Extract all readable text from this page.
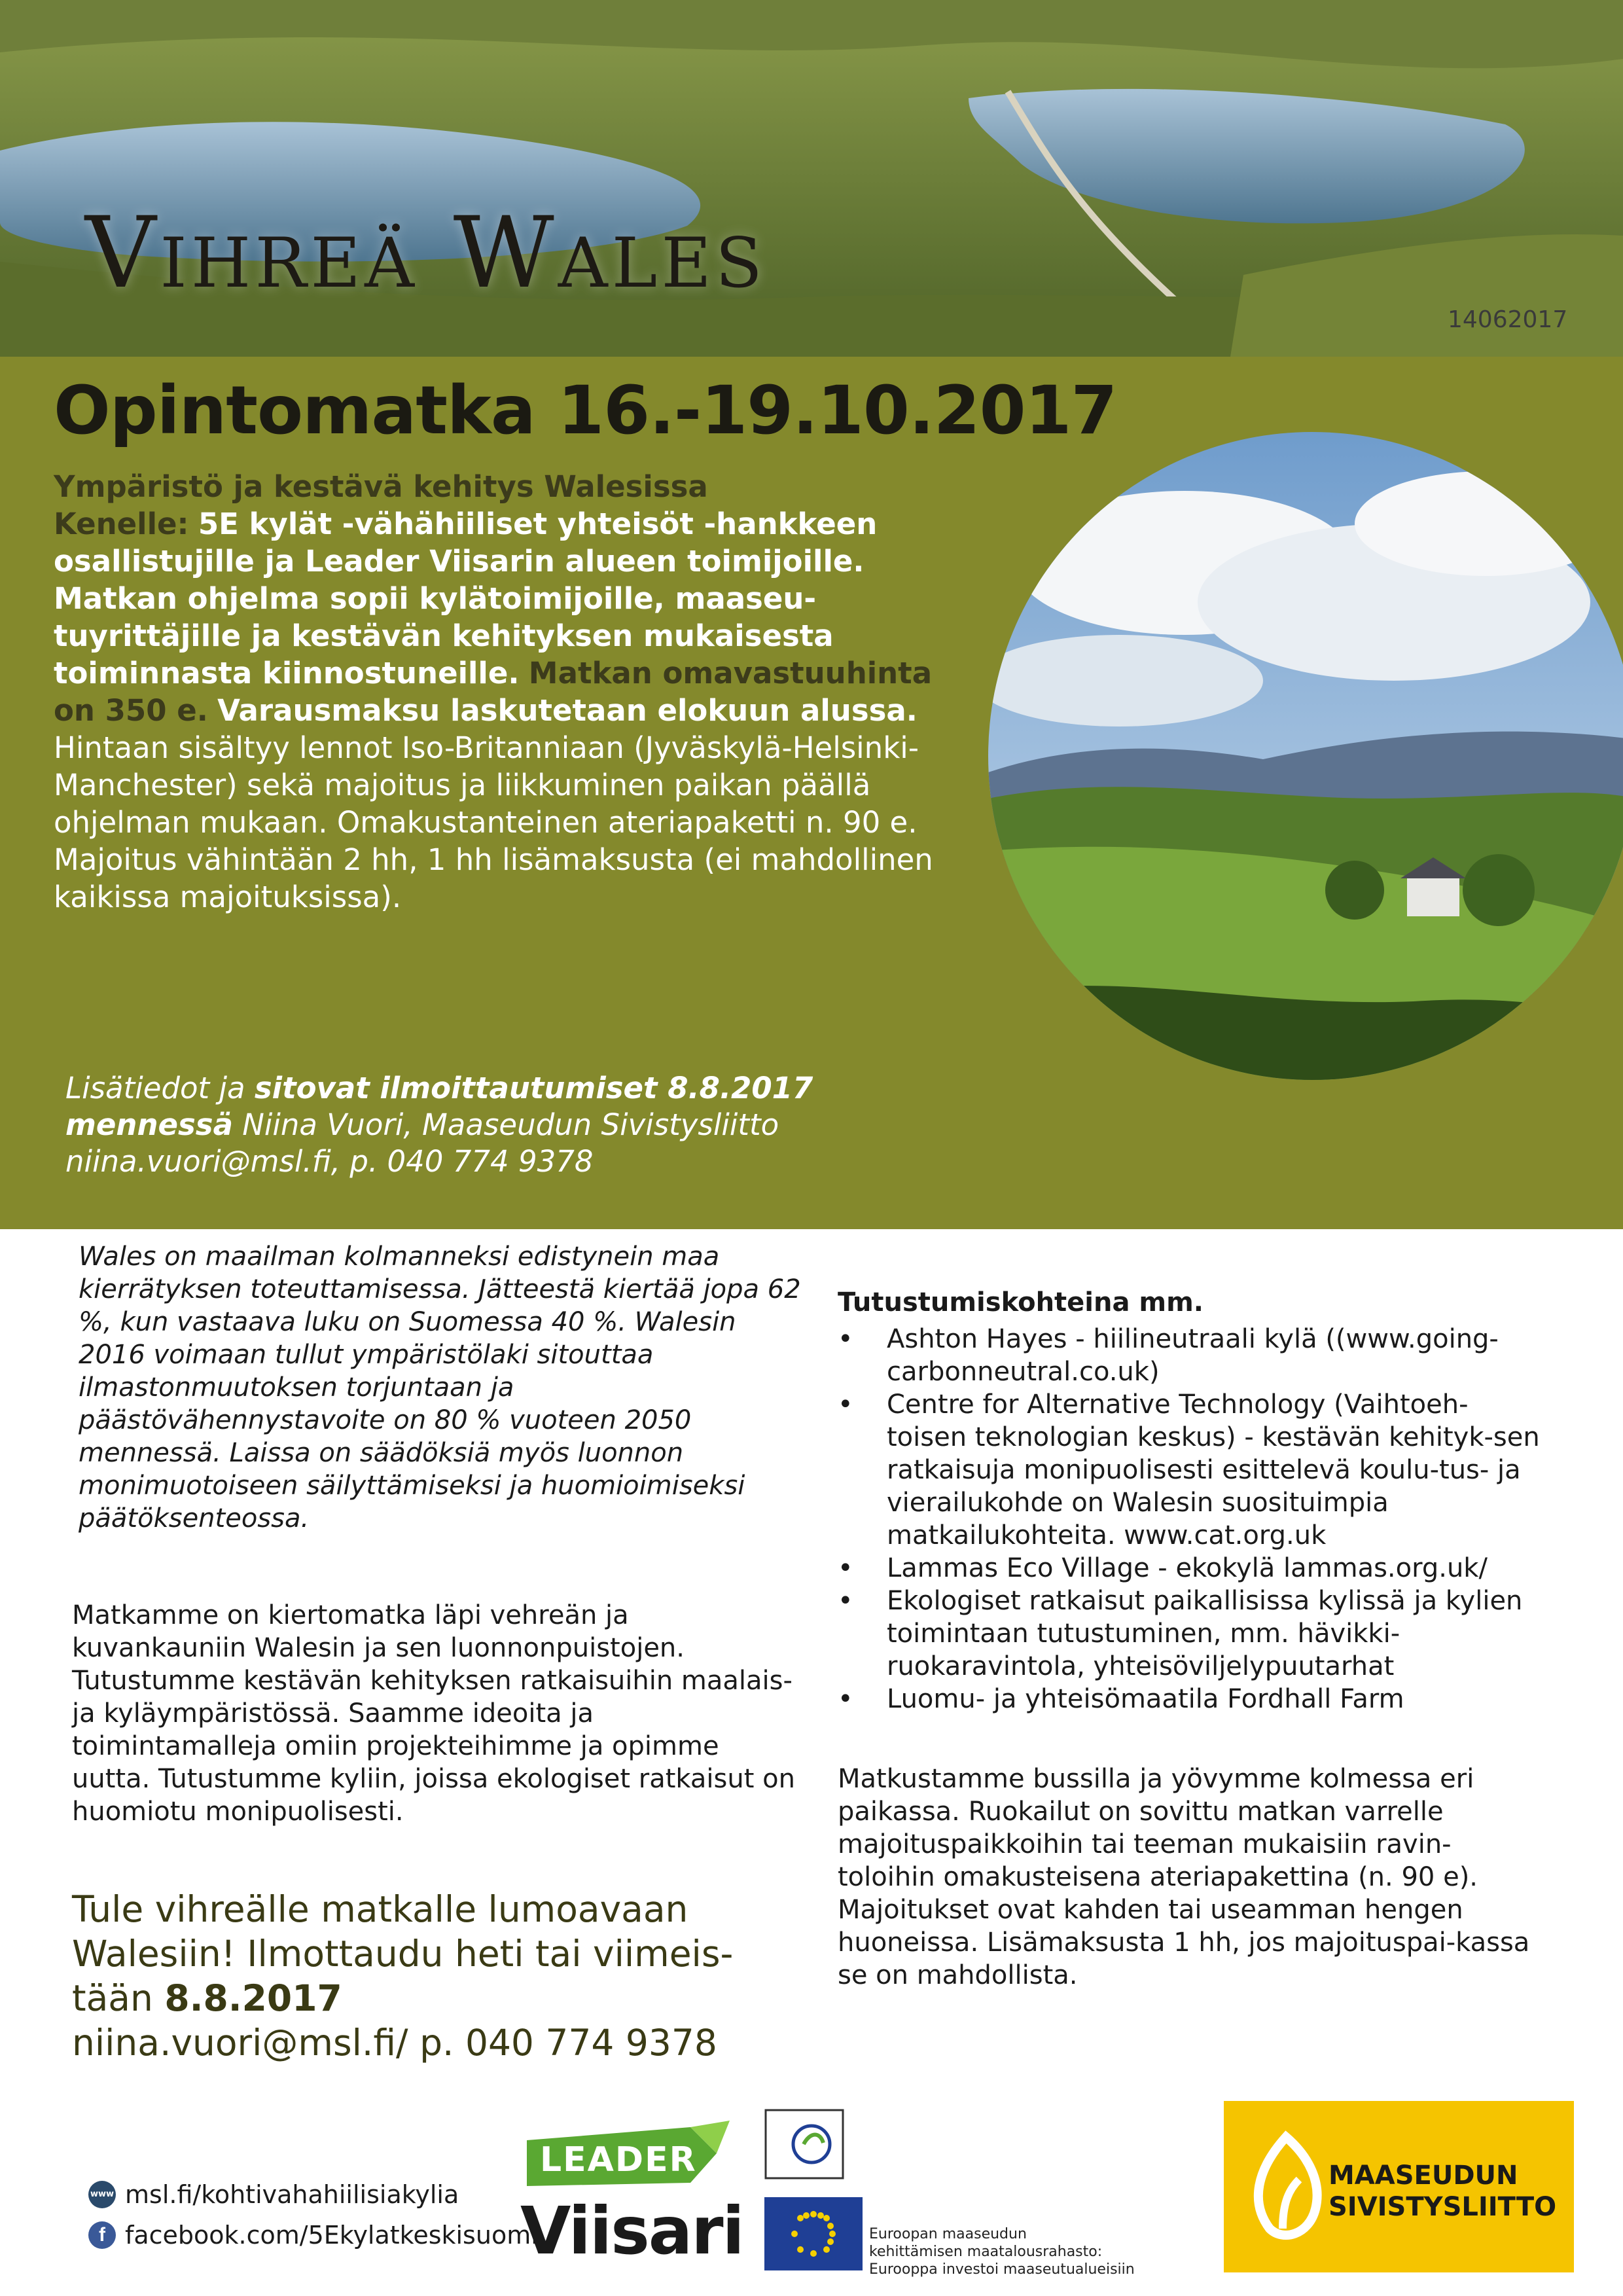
Vihreä Wales
14062017
Opintomatka 16.-19.10.2017

Ympäristö ja kestävä kehitys Walesissa

Kenelle: 5E kylät -vähähiiliset yhteisöt -hankkeen osallistujille ja Leader Viisarin alueen toimijoille. Matkan ohjelma sopii kylätoimijoille, maaseu-tuyrittäjille ja kestävän kehityksen mukaisesta toiminnasta kiinnostuneille. Matkan omavastuuhinta on 350 e. Varausmaksu laskutetaan elokuun alussa.

Hintaan sisältyy lennot Iso-Britanniaan (Jyväskylä-Helsinki-Manchester) sekä majoitus ja liikkuminen paikan päällä ohjelman mukaan. Omakustanteinen ateriapaketti n. 90 e. Majoitus vähintään 2 hh, 1 hh lisämaksusta (ei mahdollinen kaikissa majoituksissa).

Lisätiedot ja sitovat ilmoittautumiset 8.8.2017

mennessä Niina Vuori, Maaseudun Sivistysliitto

niina.vuori@msl.fi, p. 040 774 9378

Wales on maailman kolmanneksi edistynein maa kierrätyksen toteuttamisessa. Jätteestä kiertää jopa 62 %, kun vastaava luku on Suomessa 40 %. Walesin 2016 voimaan tullut ympäristölaki sitouttaa ilmastonmuutoksen torjuntaan ja päästövähennystavoite on 80 % vuoteen 2050 mennessä. Laissa on säädöksiä myös luonnon monimuotoiseen säilyttämiseksi ja huomioimiseksi päätöksenteossa.

Matkamme on kiertomatka läpi vehreän ja kuvankauniin Walesin ja sen luonnonpuistojen. Tutustumme kestävän kehityksen ratkaisuihin maalais- ja kyläympäristössä. Saamme ideoita ja toimintamalleja omiin projekteihimme ja opimme uutta. Tutustumme kyliin, joissa ekologiset ratkaisut on huomiotu monipuolisesti.

Tule vihreälle matkalle lumoavaan

Walesiin! Ilmottaudu heti tai viimeis-

tään 8.8.2017

niina.vuori@msl.fi/ p. 040 774 9378

Tutustumiskohteina mm.

• Ashton Hayes - hiilineutraali kylä ((www.going-carbonneutral.co.uk)
• Centre for Alternative Technology (Vaihtoeh-toisen teknologian keskus) - kestävän kehityk-sen ratkaisuja monipuolisesti esittelevä koulu-tus- ja vierailukohde on Walesin suosituimpia matkailukohteita. www.cat.org.uk
• Lammas Eco Village - ekokylä lammas.org.uk/
• Ekologiset ratkaisut paikallisissa kylissä ja kylien toimintaan tutustuminen, mm. hävikki-ruokaravintola, yhteisöviljelypuutarhat
• Luomu- ja yhteisömaatila Fordhall Farm

Matkustamme bussilla ja yövymme kolmessa eri paikassa. Ruokailut on sovittu matkan varrelle majoituspaikkoihin tai teeman mukaisiin ravin-toloihin omakusteisena ateriapakettina (n. 90 e). Majoitukset ovat kahden tai useamman hengen huoneissa. Lisämaksusta 1 hh, jos majoituspai-kassa se on mahdollista.

www msl.fi/kohtivahahiilisiakylia
f facebook.com/5Ekylatkeskisuomi
LEADER
Viisari	Euroopan maaseudun
kehittämisen maatalousrahasto:
Eurooppa investoi maaseutualueisiin
MAASEUDUN
SIVISTYSLIITTO
